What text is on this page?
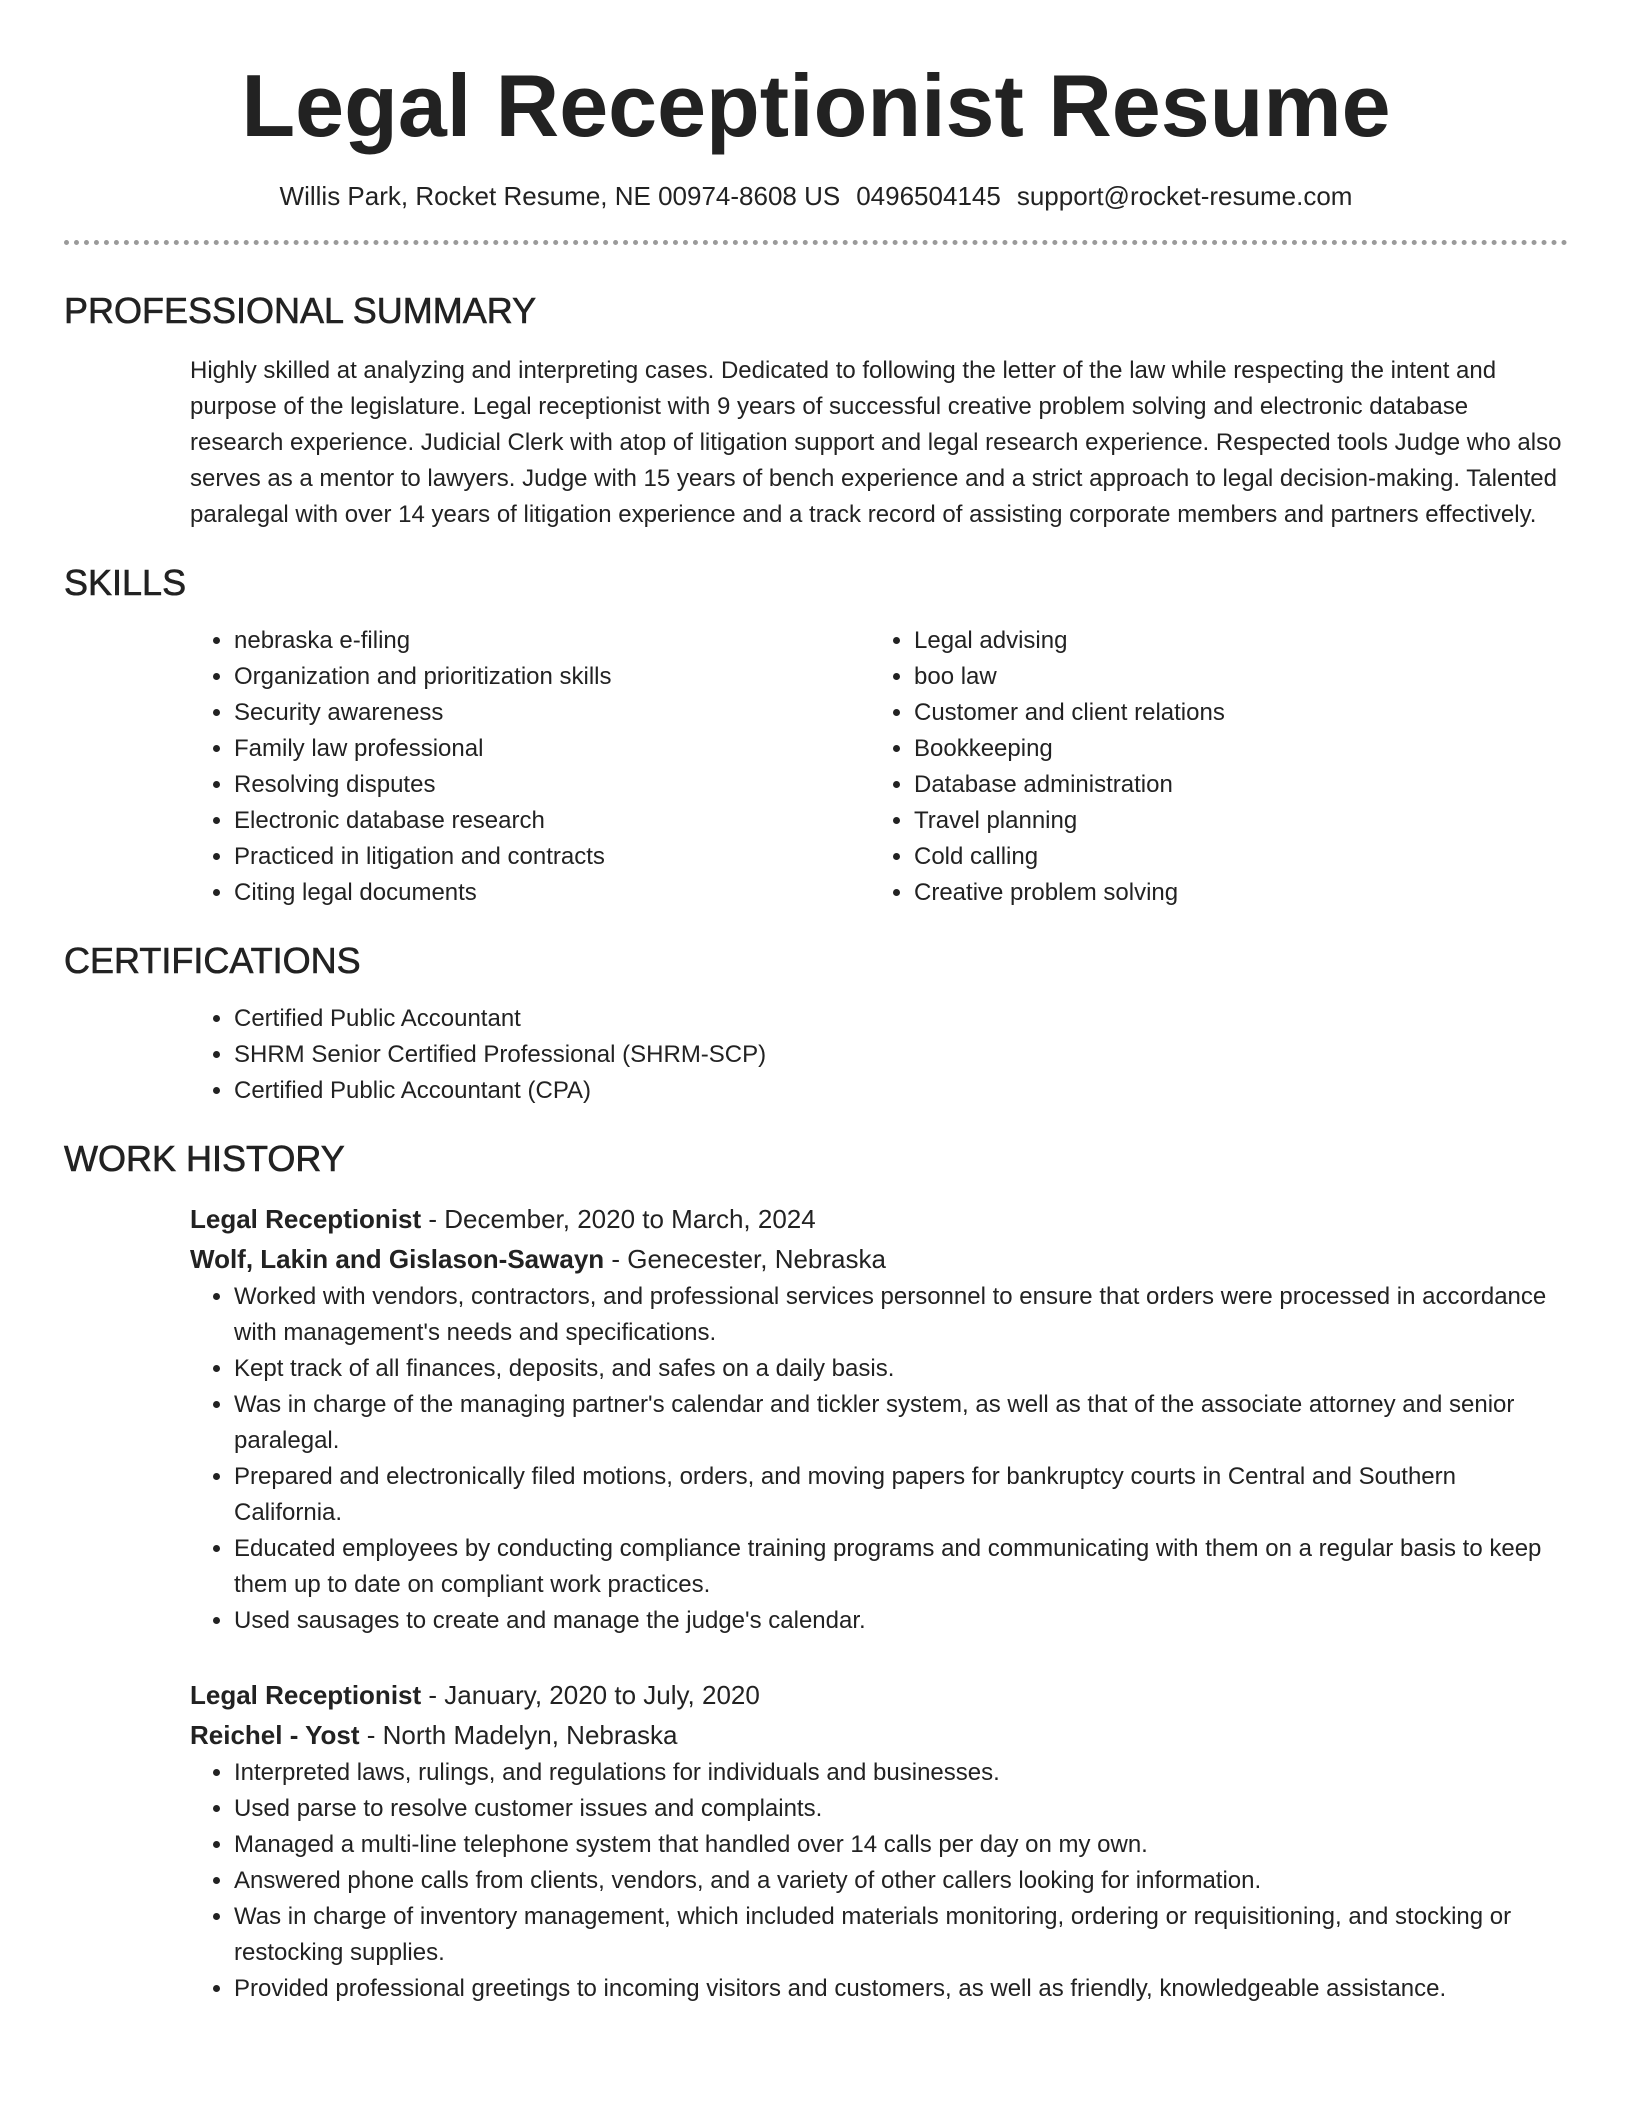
Legal Receptionist Resume
Willis Park, Rocket Resume, NE 00974-8608 US 0496504145 support@rocket-resume.com
PROFESSIONAL SUMMARY
Highly skilled at analyzing and interpreting cases. Dedicated to following the letter of the law while respecting the intent and purpose of the legislature. Legal receptionist with 9 years of successful creative problem solving and electronic database research experience. Judicial Clerk with atop of litigation support and legal research experience. Respected tools Judge who also serves as a mentor to lawyers. Judge with 15 years of bench experience and a strict approach to legal decision-making. Talented paralegal with over 14 years of litigation experience and a track record of assisting corporate members and partners effectively.
SKILLS
• nebraska e-filing
• Organization and prioritization skills
• Security awareness
• Family law professional
• Resolving disputes
• Electronic database research
• Practiced in litigation and contracts
• Citing legal documents
• Legal advising
• boo law
• Customer and client relations
• Bookkeeping
• Database administration
• Travel planning
• Cold calling
• Creative problem solving
CERTIFICATIONS
• Certified Public Accountant
• SHRM Senior Certified Professional (SHRM-SCP)
• Certified Public Accountant (CPA)
WORK HISTORY
Legal Receptionist - December, 2020 to March, 2024
Wolf, Lakin and Gislason-Sawayn - Genecester, Nebraska
• Worked with vendors, contractors, and professional services personnel to ensure that orders were processed in accordance with management's needs and specifications.
• Kept track of all finances, deposits, and safes on a daily basis.
• Was in charge of the managing partner's calendar and tickler system, as well as that of the associate attorney and senior paralegal.
• Prepared and electronically filed motions, orders, and moving papers for bankruptcy courts in Central and Southern California.
• Educated employees by conducting compliance training programs and communicating with them on a regular basis to keep them up to date on compliant work practices.
• Used sausages to create and manage the judge's calendar.
Legal Receptionist - January, 2020 to July, 2020
Reichel - Yost - North Madelyn, Nebraska
• Interpreted laws, rulings, and regulations for individuals and businesses.
• Used parse to resolve customer issues and complaints.
• Managed a multi-line telephone system that handled over 14 calls per day on my own.
• Answered phone calls from clients, vendors, and a variety of other callers looking for information.
• Was in charge of inventory management, which included materials monitoring, ordering or requisitioning, and stocking or restocking supplies.
• Provided professional greetings to incoming visitors and customers, as well as friendly, knowledgeable assistance.
